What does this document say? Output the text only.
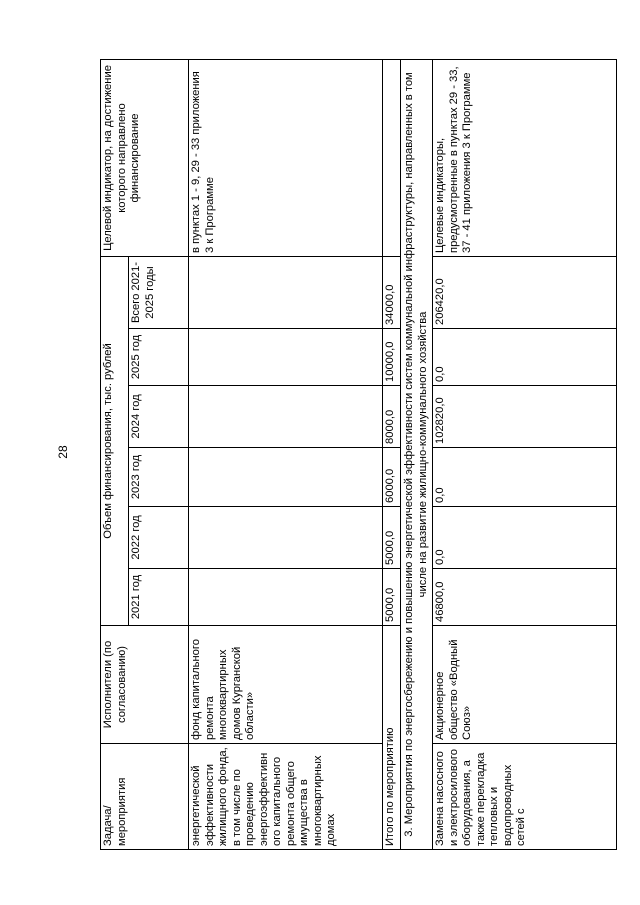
28
Задача/мероприятия	Исполнители (по согласованию)	Объем финансирования, тыс. рублей						Целевой индикатор, на достижение которого направлено финансирование
		2021 год	2022 год	2023 год	2024 год	2025 год	Всего 2021-2025 годы	
энергетической эффективности жилищного фонда, в том числе по проведению энергоэффективного капитального ремонта общего имущества в многоквартирных домах	фонд капитального ремонта многоквартирных домов Курганской области»							в пунктах 1 - 9, 29 - 33 приложения 3 к Программе
Итого по мероприятию		5000,0	5000,0	6000,0	8000,0	10000,0	34000,0	
3. Мероприятия по энергосбережению и повышению энергетической эффективности систем коммунальной инфраструктуры, направленных в том числе на развитие жилищно-коммунального хозяйства								
Замена насосного и электросилового оборудования, а также перекладка тепловых и водопроводных сетей с	Акционерное общество «Водный Союз»	46800,0	0,0	0,0	102820,0	0,0	206420,0	Целевые индикаторы, предусмотренные в пунктах 29 - 33, 37 - 41 приложения 3 к Программе
